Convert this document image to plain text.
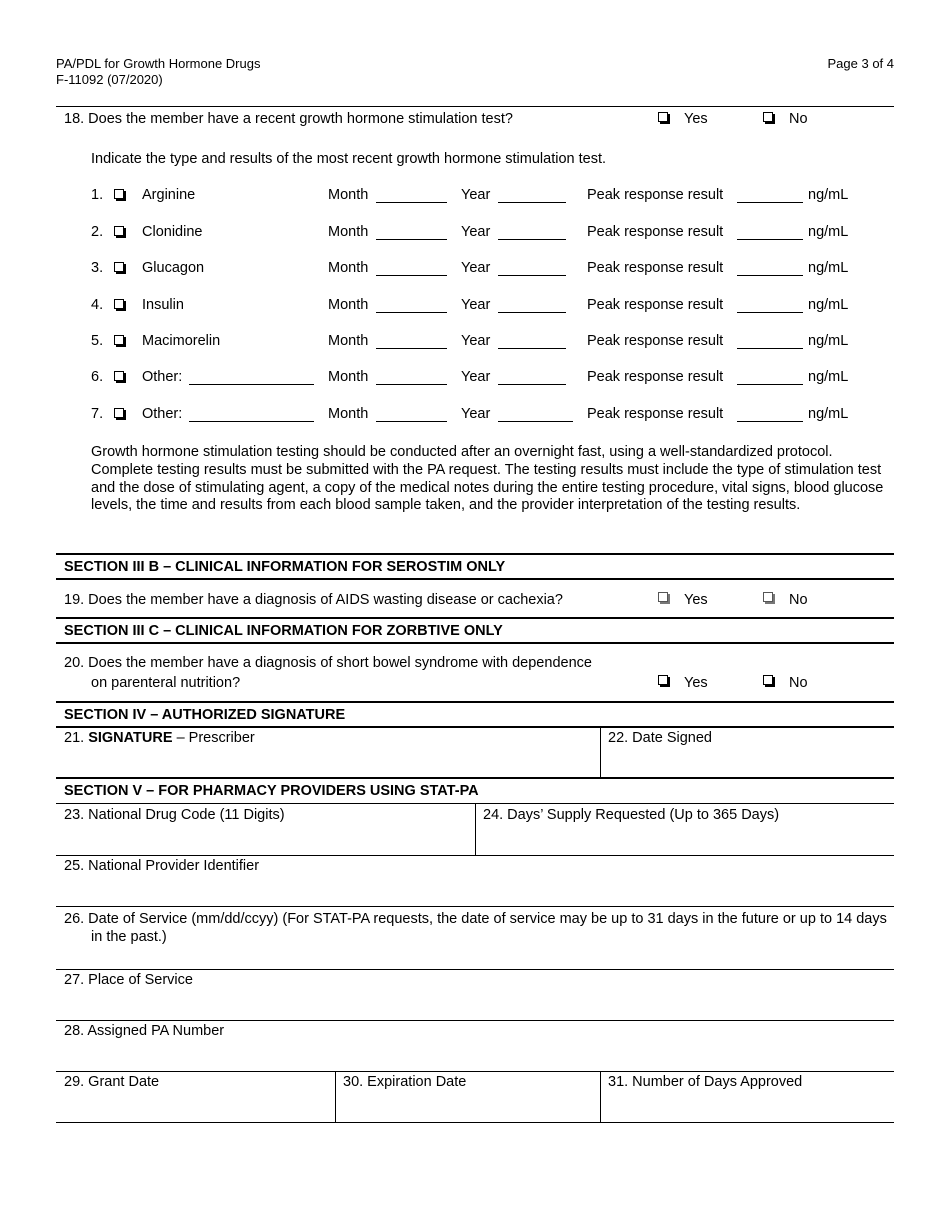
PA/PDL for Growth Hormone Drugs
F-11092 (07/2020)
Page 3 of 4
18. Does the member have a recent growth hormone stimulation test?	Yes	No
Indicate the type and results of the most recent growth hormone stimulation test.
1.	Arginine	Month	Year	Peak response result	ng/mL
2.	Clonidine	Month	Year	Peak response result	ng/mL
3.	Glucagon	Month	Year	Peak response result	ng/mL
4.	Insulin	Month	Year	Peak response result	ng/mL
5.	Macimorelin	Month	Year	Peak response result	ng/mL
6.	Other:	Month	Year	Peak response result	ng/mL
7.	Other:	Month	Year	Peak response result	ng/mL
Growth hormone stimulation testing should be conducted after an overnight fast, using a well-standardized protocol. Complete testing results must be submitted with the PA request. The testing results must include the type of stimulation test and the dose of stimulating agent, a copy of the medical notes during the entire testing procedure, vital signs, blood glucose levels, the time and results from each blood sample taken, and the provider interpretation of the testing results.
SECTION III B – CLINICAL INFORMATION FOR SEROSTIM ONLY
19. Does the member have a diagnosis of AIDS wasting disease or cachexia?	Yes	No
SECTION III C – CLINICAL INFORMATION FOR ZORBTIVE ONLY
20. Does the member have a diagnosis of short bowel syndrome with dependence
on parenteral nutrition?	Yes	No
SECTION IV – AUTHORIZED SIGNATURE
21. SIGNATURE – Prescriber	22. Date Signed
SECTION V – FOR PHARMACY PROVIDERS USING STAT-PA
23. National Drug Code (11 Digits)	24. Days’ Supply Requested (Up to 365 Days)
25. National Provider Identifier
26. Date of Service (mm/dd/ccyy) (For STAT-PA requests, the date of service may be up to 31 days in the future or up to 14 days in the past.)
27. Place of Service
28. Assigned PA Number
29. Grant Date	30. Expiration Date	31. Number of Days Approved
